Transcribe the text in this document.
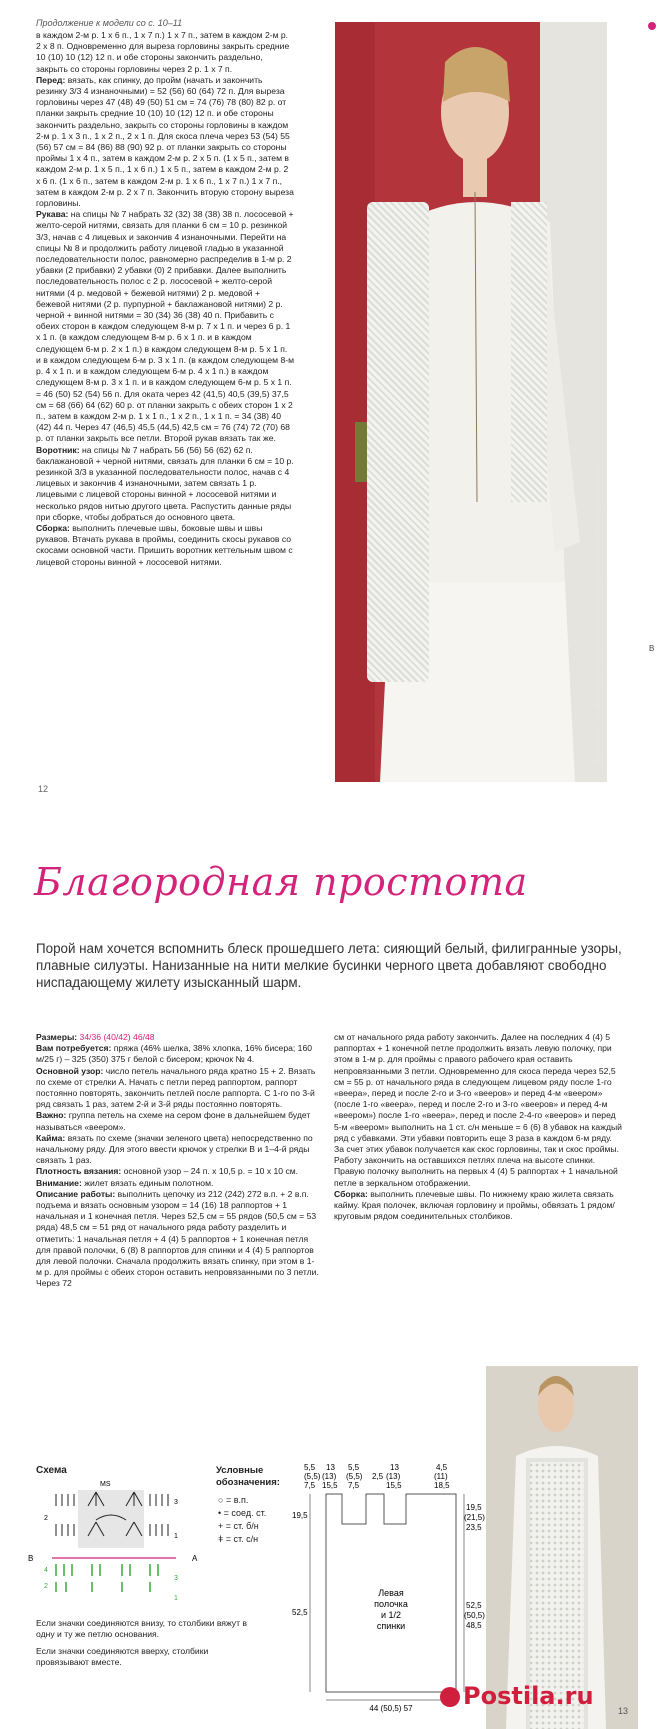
Продолжение к модели со с. 10–11

в каждом 2-м р. 1 х 6 п., 1 х 7 п.) 1 х 7 п., затем в каждом 2-м р. 2 х 8 п. Одновременно для выреза горловины закрыть средние 10 (10) 10 (12) 12 п. и обе стороны закончить раздельно, закрыть со стороны горловины через 2 р. 1 х 7 п.

Перед: вязать, как спинку, до пройм (начать и закончить резинку 3/3 4 изнаночными) = 52 (56) 60 (64) 72 п. Для выреза горловины через 47 (48) 49 (50) 51 см = 74 (76) 78 (80) 82 р. от планки закрыть средние 10 (10) 10 (12) 12 п. и обе стороны закончить раздельно, закрыть со стороны горловины в каждом 2-м р. 1 х 3 п., 1 х 2 п., 2 х 1 п. Для скоса плеча через 53 (54) 55 (56) 57 см = 84 (86) 88 (90) 92 р. от планки закрыть со стороны проймы 1 х 4 п., затем в каждом 2-м р. 2 х 5 п. (1 х 5 п., затем в каждом 2-м р. 1 х 5 п., 1 х 6 п.) 1 х 5 п., затем в каждом 2-м р. 2 х 6 п. (1 х 6 п., затем в каждом 2-м р. 1 х 6 п., 1 х 7 п.) 1 х 7 п., затем в каждом 2-м р. 2 х 7 п. Закончить вторую сторону выреза горловины.

Рукава: на спицы № 7 набрать 32 (32) 38 (38) 38 п. лососевой + желто-серой нитями, связать для планки 6 см = 10 р. резинкой 3/3, начав с 4 лицевых и закончив 4 изнаночными. Перейти на спицы № 8 и продолжить работу лицевой гладью в указанной последовательности полос, равномерно распределив в 1-м р. 2 убавки (2 прибавки) 2 убавки (0) 2 прибавки. Далее выполнить последовательность полос с 2 р. лососевой + желто-серой нитями (4 р. медовой + бежевой нитями) 2 р. медовой + бежевой нитями (2 р. пурпурной + баклажановой нитями) 2 р. черной + винной нитями = 30 (34) 36 (38) 40 п. Прибавить с обеих сторон в каждом следующем 8-м р. 7 х 1 п. и через 6 р. 1 х 1 п. (в каждом следующем 8-м р. 6 х 1 п. и в каждом следующем 6-м р. 2 х 1 п.) в каждом следующем 8-м р. 5 х 1 п. и в каждом следующем 6-м р. 3 х 1 п. (в каждом следующем 8-м р. 4 х 1 п. и в каждом следующем 6-м р. 4 х 1 п.) в каждом следующем 8-м р. 3 х 1 п. и в каждом следующем 6-м р. 5 х 1 п. = 46 (50) 52 (54) 56 п. Для оката через 42 (41,5) 40,5 (39,5) 37,5 см = 68 (66) 64 (62) 60 р. от планки закрыть с обеих сторон 1 х 2 п., затем в каждом 2-м р. 1 х 1 п., 1 х 2 п., 1 х 1 п. = 34 (38) 40 (42) 44 п. Через 47 (46,5) 45,5 (44,5) 42,5 см = 76 (74) 72 (70) 68 р. от планки закрыть все петли. Второй рукав вязать так же.

Воротник: на спицы № 7 набрать 56 (56) 56 (62) 62 п. баклажановой + черной нитями, связать для планки 6 см = 10 р. резинкой 3/3 в указанной последовательности полос, начав с 4 лицевых и закончив 4 изнаночными, затем связать 1 р. лицевыми с лицевой стороны винной + лососевой нитями и несколько рядов нитью другого цвета. Распустить данные ряды при сборке, чтобы добраться до основного цвета.

Сборка: выполнить плечевые швы, боковые швы и швы рукавов. Втачать рукава в проймы, соединить скосы рукавов со скосами основной части. Пришить воротник кеттельным швом с лицевой стороны винной + лососевой нитями.

12
Дизайн: U. + M. Maxxen; фотографии: Lana Grossa; модель: Selected Femme; цепочка: Asos	B
Благородная простота
Порой нам хочется вспомнить блеск прошедшего лета: сияющий белый, филигранные узоры, плавные силуэты. Нанизанные на нити мелкие бусинки черного цвета добавляют свободно ниспадающему жилету изысканный шарм.

Размеры: 34/36 (40/42) 46/48

Вам потребуется: пряжа (46% шелка, 38% хлопка, 16% бисера; 160 м/25 г) – 325 (350) 375 г белой с бисером; крючок № 4.

Основной узор: число петель начального ряда кратно 15 + 2. Вязать по схеме от стрелки А. Начать с петли перед раппортом, раппорт постоянно повторять, закончить петлей после раппорта. С 1-го по 3-й ряд связать 1 раз, затем 2-й и 3-й ряды постоянно повторять.

Важно: группа петель на схеме на сером фоне в дальнейшем будет называться «веером».

Кайма: вязать по схеме (значки зеленого цвета) непосредственно по начальному ряду. Для этого ввести крючок у стрелки В и 1–4-й ряды связать 1 раз.

Плотность вязания: основной узор – 24 п. х 10,5 р. = 10 х 10 см.

Внимание: жилет вязать единым полотном.

Описание работы: выполнить цепочку из 212 (242) 272 в.п. + 2 в.п. подъема и вязать основным узором = 14 (16) 18 раппортов + 1 начальная и 1 конечная петля. Через 52,5 см = 55 рядов (50,5 см = 53 ряда) 48,5 см = 51 ряд от начального ряда работу разделить и отметить: 1 начальная петля + 4 (4) 5 раппортов + 1 конечная петля для правой полочки, 6 (8) 8 раппортов для спинки и 4 (4) 5 раппортов для левой полочки. Сначала продолжить вязать спинку, при этом в 1-м р. для проймы с обеих сторон оставить непровязанными по 3 петли. Через 72

см от начального ряда работу закончить. Далее на последних 4 (4) 5 раппортах + 1 конечной петле продолжить вязать левую полочку, при этом в 1-м р. для проймы с правого рабочего края оставить непровязанными 3 петли. Одновременно для скоса переда через 52,5 см = 55 р. от начального ряда в следующем лицевом ряду после 1-го «веера», перед и после 2-го и 3-го «вееров» и перед 4-м «веером» (после 1-го «веера», перед и после 2-го и 3-го «вееров» и перед 4-м «веером») после 1-го «веера», перед и после 2-4-го «вееров» и перед 5-м «веером» выполнить на 1 ст. с/н меньше = 6 (6) 8 убавок на каждый ряд с убавками. Эти убавки повторить еще 3 раза в каждом 6-м ряду. За счет этих убавок получается как скос горловины, так и скос проймы. Работу закончить на оставшихся петлях плеча на высоте спинки. Правую полочку выполнить на первых 4 (4) 5 раппортах + 1 начальной петле в зеркальном отображении.

Сборка: выполнить плечевые швы. По нижнему краю жилета связать кайму. Края полочек, включая горловину и проймы, обвязать 1 рядом/круговым рядом соединительных столбиков.

Схема
MS
3
2
1
4
3
2
1
В	А
Если значки соединяются внизу, то столбики вяжут в одну и ту же петлю основания.
Если значки соединяются вверху, столбики провязывают вместе.
Условные обозначения:
○ = в.п.
• = соед. ст.
+ = ст. б/н
ǂ = ст. с/н
19,5
52,5
5,5
(5,5)
7,5
13
(13)
15,5
5,5
(5,5)
7,5
2,5
13
(13)
15,5
4,5
(11)
18,5
19,5
(21,5)
23,5
52,5
(50,5)
48,5
Левая
полочка
и 1/2
спинки
44 (50,5) 57	Postila.ru
13
